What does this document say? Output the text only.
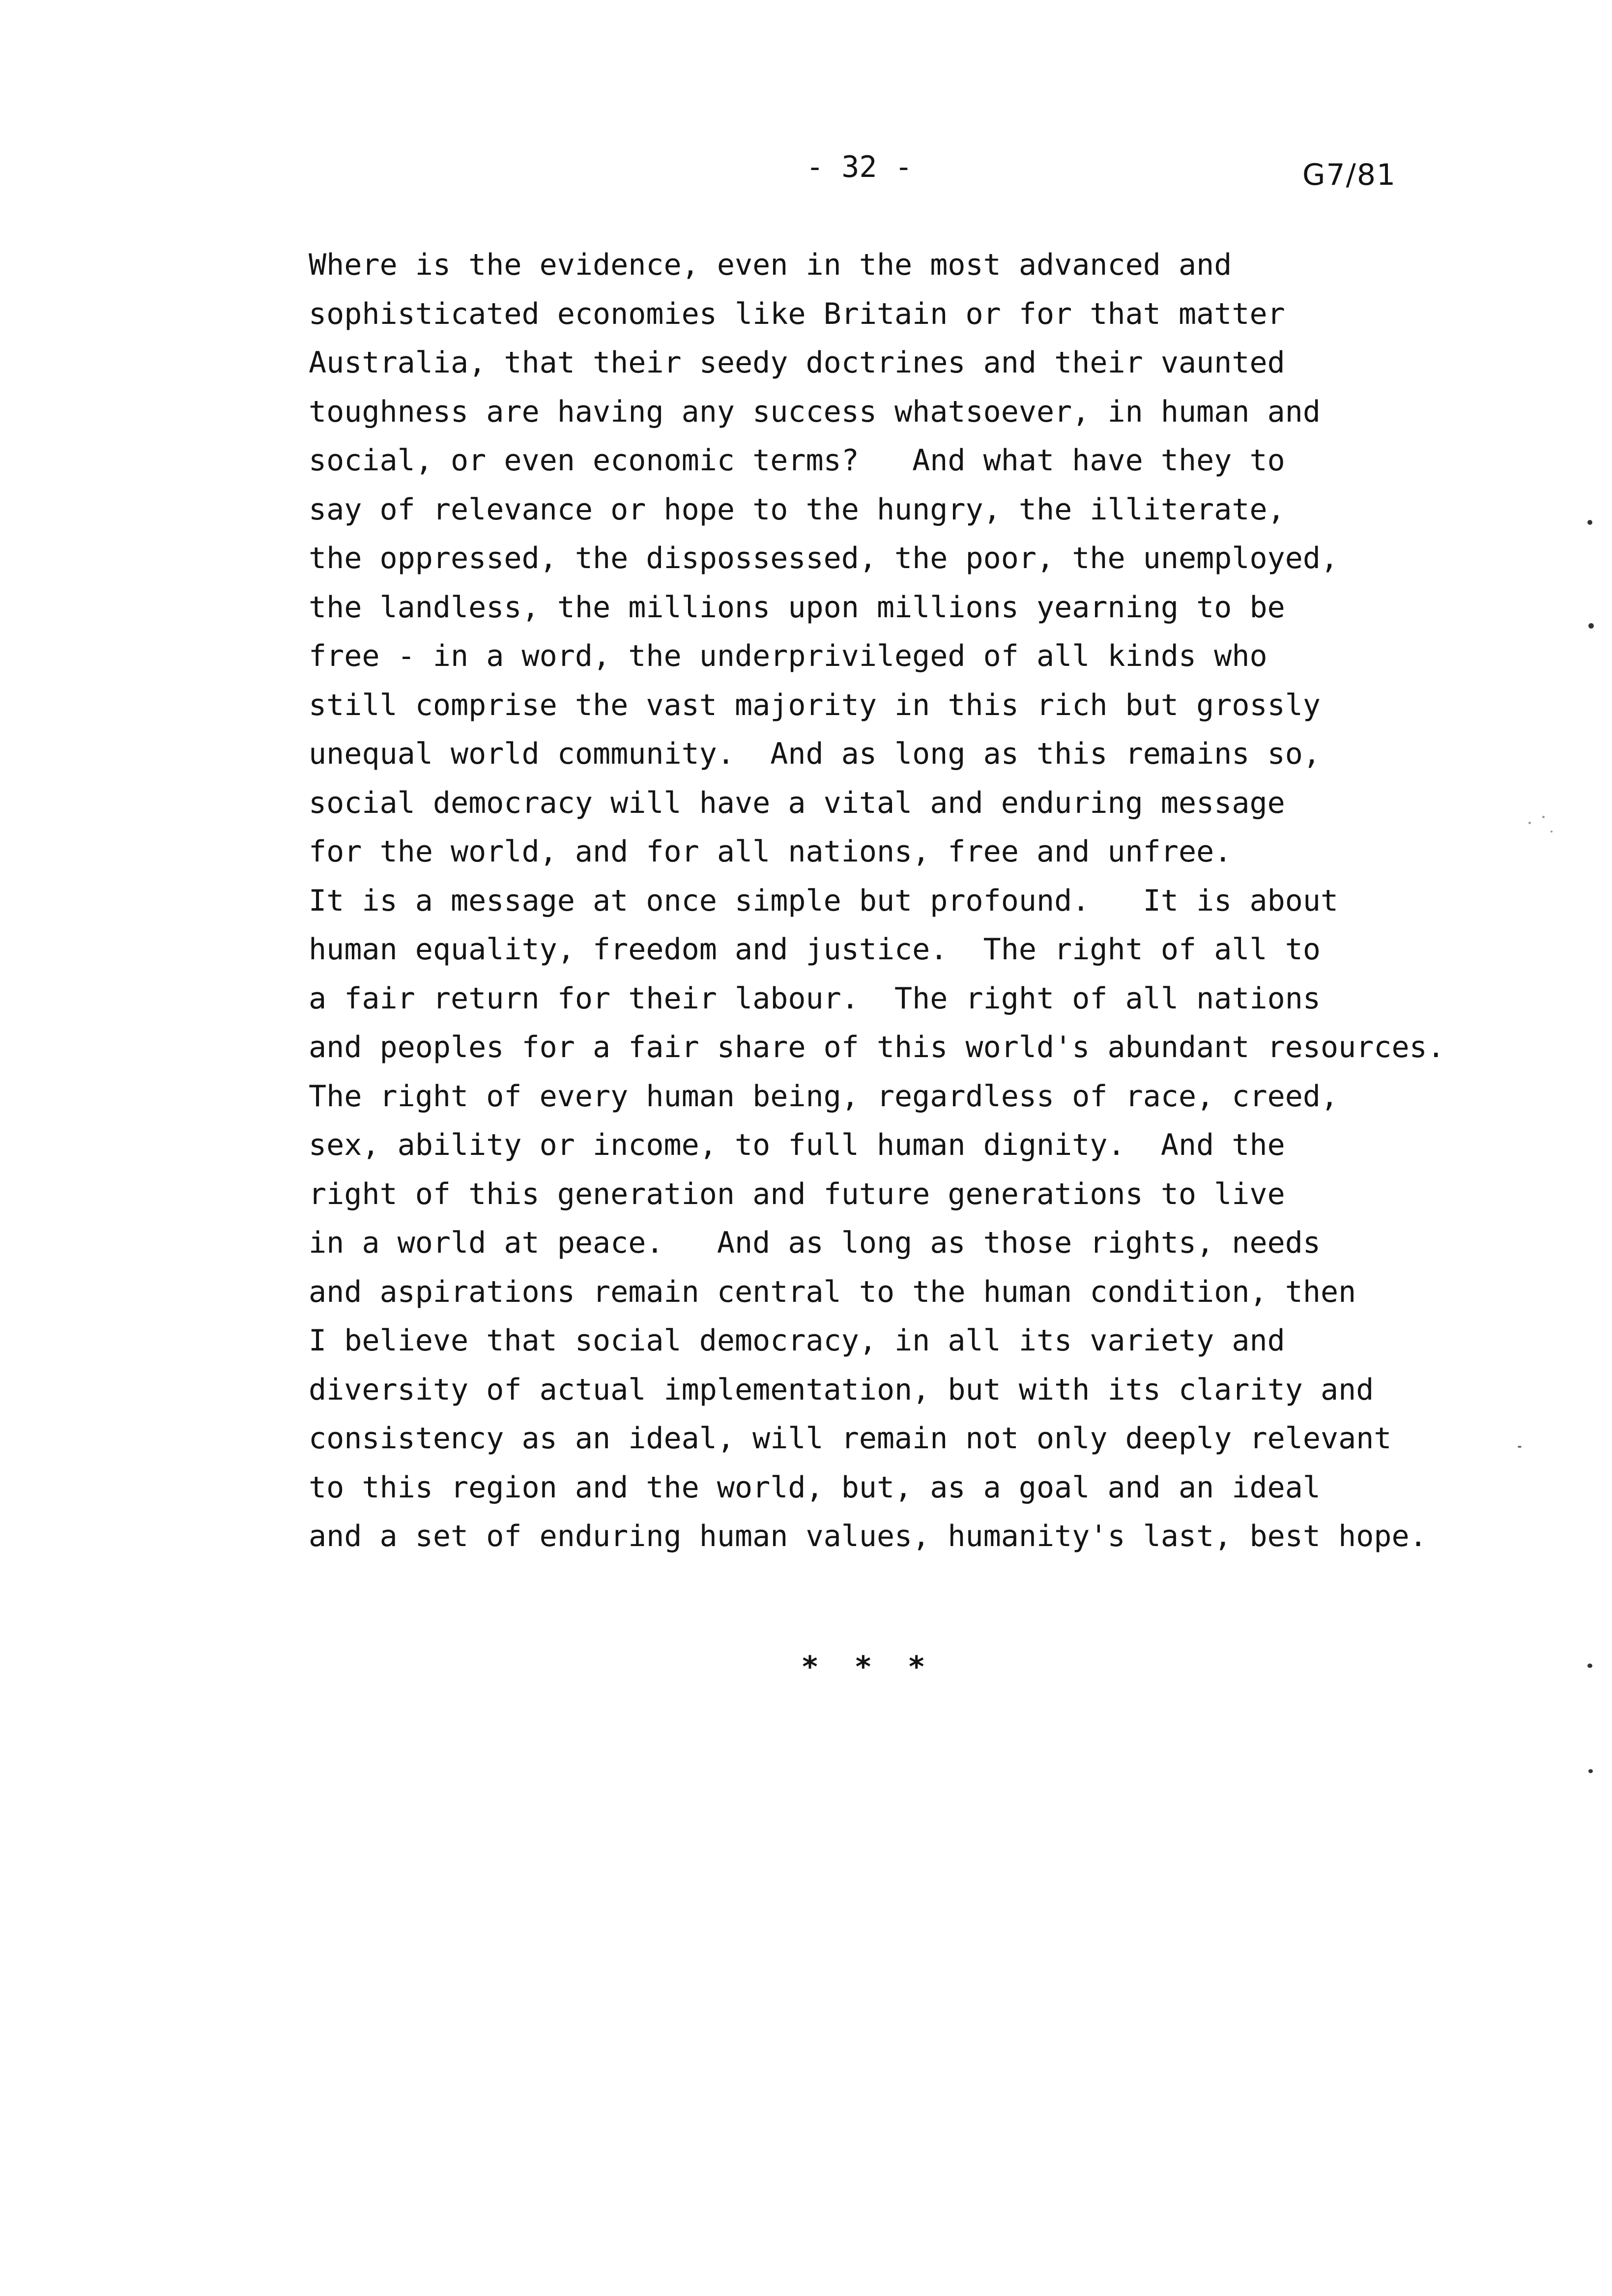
- 32 -	G7/81
Where is the evidence, even in the most advanced and
sophisticated economies like Britain or for that matter
Australia, that their seedy doctrines and their vaunted
toughness are having any success whatsoever, in human and
social, or even economic terms?   And what have they to
say of relevance or hope to the hungry, the illiterate,
the oppressed, the dispossessed, the poor, the unemployed,
the landless, the millions upon millions yearning to be
free - in a word, the underprivileged of all kinds who
still comprise the vast majority in this rich but grossly
unequal world community.  And as long as this remains so,
social democracy will have a vital and enduring message
for the world, and for all nations, free and unfree.
It is a message at once simple but profound.   It is about
human equality, freedom and justice.  The right of all to
a fair return for their labour.  The right of all nations
and peoples for a fair share of this world's abundant resources.
The right of every human being, regardless of race, creed,
sex, ability or income, to full human dignity.  And the
right of this generation and future generations to live
in a world at peace.   And as long as those rights, needs
and aspirations remain central to the human condition, then
I believe that social democracy, in all its variety and
diversity of actual implementation, but with its clarity and
consistency as an ideal, will remain not only deeply relevant
to this region and the world, but, as a goal and an ideal
and a set of enduring human values, humanity's last, best hope.
*  *  *
